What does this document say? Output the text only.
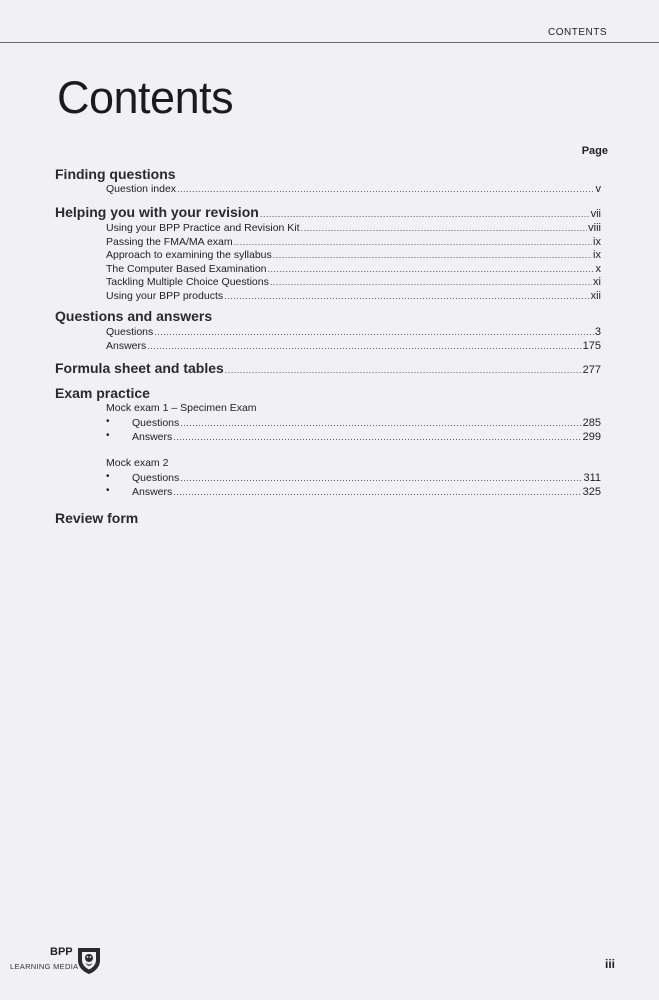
CONTENTS
Contents
Page
Finding questions
Question index .....	v
Helping you with your revision .....	vii
Using your BPP Practice and Revision Kit .....	viii
Passing the FMA/MA exam .....	ix
Approach to examining the syllabus .....	ix
The Computer Based Examination .....	x
Tackling Multiple Choice Questions .....	xi
Using your BPP products .....	xii
Questions and answers
Questions .....	3
Answers .....	175
Formula sheet and tables .....	277
Exam practice
Mock exam 1 – Specimen Exam
• Questions .....	285
• Answers .....	299
Mock exam 2
• Questions .....	311
• Answers .....	325
Review form
BPP
LEARNING MEDIA	iii
